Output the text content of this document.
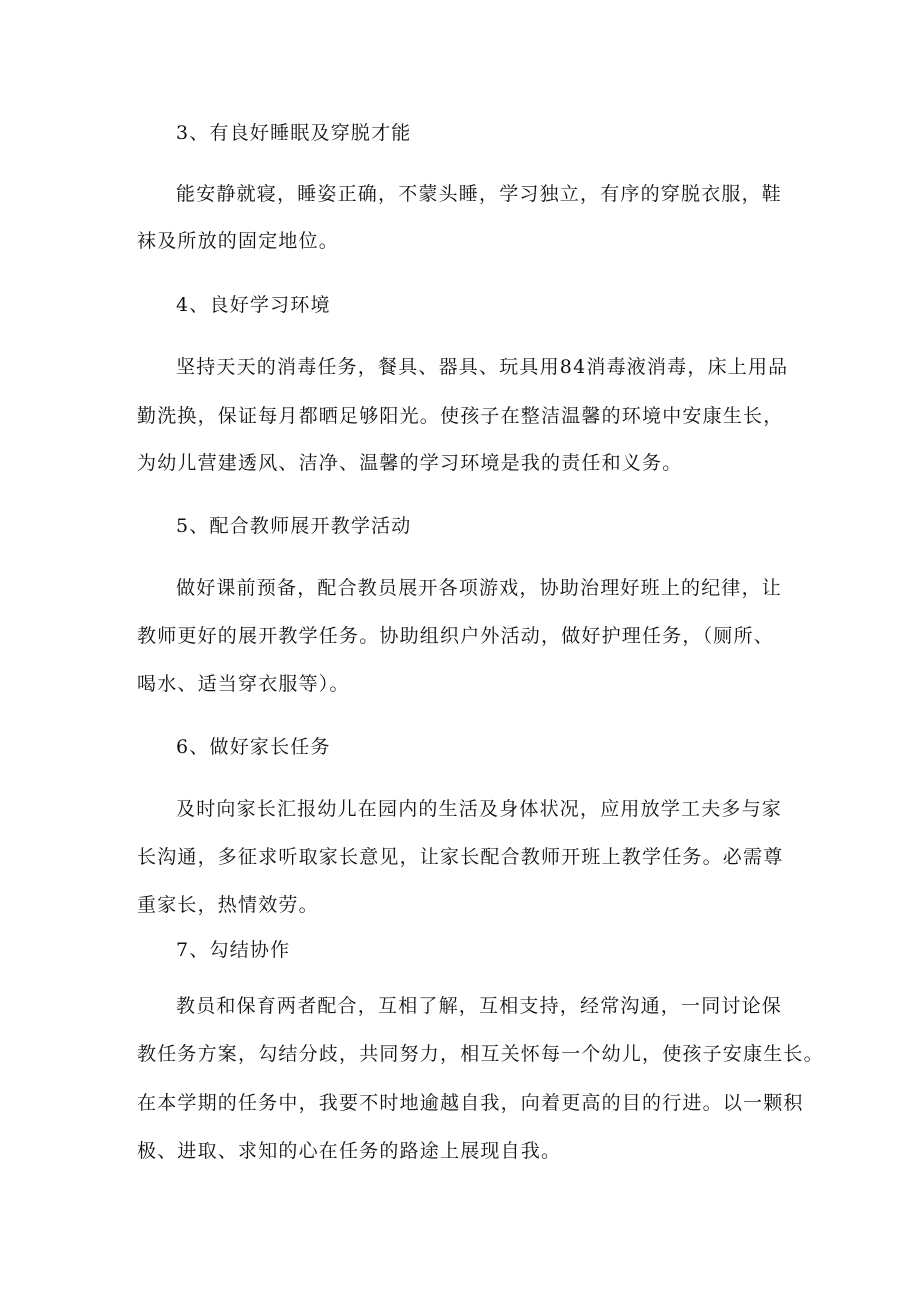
3、有良好睡眠及穿脱才能
能安静就寝，睡姿正确，不蒙头睡，学习独立，有序的穿脱衣服，鞋
袜及所放的固定地位。
4、良好学习环境
坚持天天的消毒任务，餐具、器具、玩具用84消毒液消毒，床上用品
勤洗换，保证每月都晒足够阳光。使孩子在整洁温馨的环境中安康生长，
为幼儿营建透风、洁净、温馨的学习环境是我的责任和义务。
5、配合教师展开教学活动
做好课前预备，配合教员展开各项游戏，协助治理好班上的纪律，让
教师更好的展开教学任务。协助组织户外活动，做好护理任务，（厕所、
喝水、适当穿衣服等）。
6、做好家长任务
及时向家长汇报幼儿在园内的生活及身体状况，应用放学工夫多与家
长沟通，多征求听取家长意见，让家长配合教师开班上教学任务。必需尊
重家长，热情效劳。
7、勾结协作
教员和保育两者配合，互相了解，互相支持，经常沟通，一同讨论保
教任务方案，勾结分歧，共同努力，相互关怀每一个幼儿，使孩子安康生长。
在本学期的任务中，我要不时地逾越自我，向着更高的目的行进。以一颗积
极、进取、求知的心在任务的路途上展现自我。
